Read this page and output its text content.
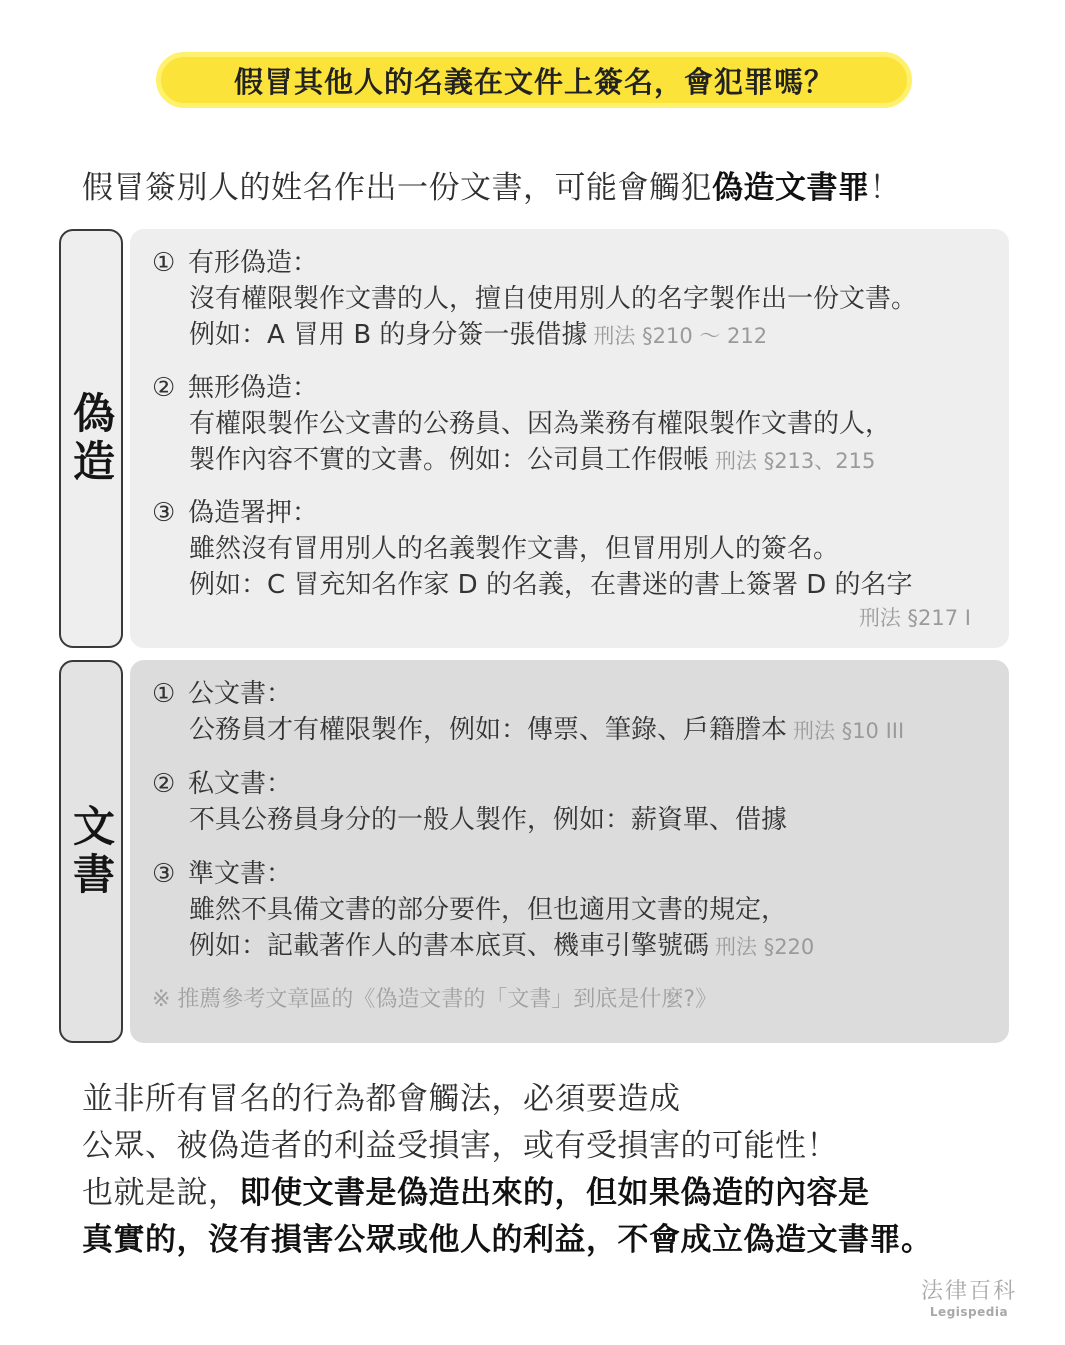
假冒其他人的名義在文件上簽名，會犯罪嗎？
假冒簽別人的姓名作出一份文書，可能會觸犯偽造文書罪！
偽造
① 有形偽造：
沒有權限製作文書的人，擅自使用別人的名字製作出一份文書。
例如：A 冒用 B 的身分簽一張借據 刑法 §210 ～ 212
② 無形偽造：
有權限製作公文書的公務員、因為業務有權限製作文書的人，
製作內容不實的文書。例如：公司員工作假帳 刑法 §213、215
③ 偽造署押：
雖然沒有冒用別人的名義製作文書，但冒用別人的簽名。
例如：C 冒充知名作家 D 的名義，在書迷的書上簽署 D 的名字
刑法 §217 I
文書
① 公文書：
公務員才有權限製作，例如：傳票、筆錄、戶籍謄本 刑法 §10 III
② 私文書：
不具公務員身分的一般人製作，例如：薪資單、借據
③ 準文書：
雖然不具備文書的部分要件，但也適用文書的規定，
例如：記載著作人的書本底頁、機車引擎號碼 刑法 §220
※ 推薦參考文章區的《偽造文書的「文書」到底是什麼?》
並非所有冒名的行為都會觸法，必須要造成
公眾、被偽造者的利益受損害，或有受損害的可能性！
也就是說，即使文書是偽造出來的，但如果偽造的內容是
真實的，沒有損害公眾或他人的利益，不會成立偽造文書罪。
法律百科
Legispedia
